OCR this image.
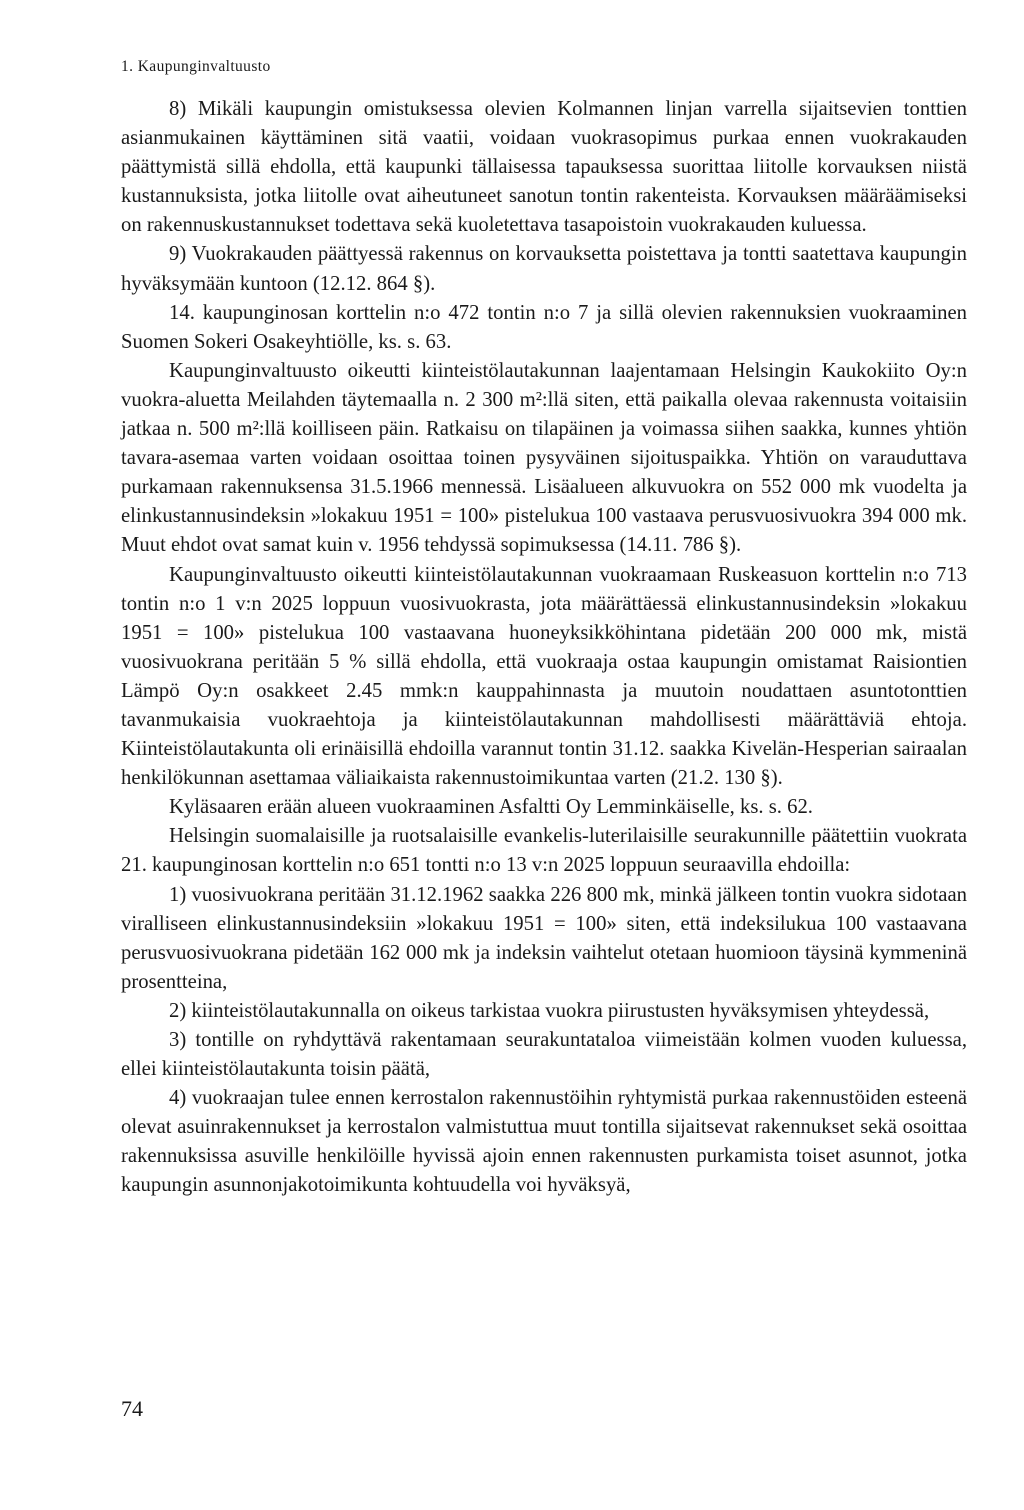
1. Kaupunginvaltuusto

8) Mikäli kaupungin omistuksessa olevien Kolmannen linjan varrella sijaitsevien tonttien asianmukainen käyttäminen sitä vaatii, voidaan vuokrasopimus purkaa ennen vuokrakauden päättymistä sillä ehdolla, että kaupunki tällaisessa tapauksessa suorittaa liitolle korvauksen niistä kustannuksista, jotka liitolle ovat aiheutuneet sanotun tontin rakenteista. Korvauksen määräämiseksi on rakennuskustannukset todettava sekä kuoletettava tasapoistoin vuokrakauden kuluessa.

9) Vuokrakauden päättyessä rakennus on korvauksetta poistettava ja tontti saatettava kaupungin hyväksymään kuntoon (12.12. 864 §).

14. kaupunginosan korttelin n:o 472 tontin n:o 7 ja sillä olevien rakennuksien vuokraaminen Suomen Sokeri Osakeyhtiölle, ks. s. 63.

Kaupunginvaltuusto oikeutti kiinteistölautakunnan laajentamaan Helsingin Kaukokiito Oy:n vuokra-aluetta Meilahden täytemaalla n. 2 300 m²:llä siten, että paikalla olevaa rakennusta voitaisiin jatkaa n. 500 m²:llä koilliseen päin. Ratkaisu on tilapäinen ja voimassa siihen saakka, kunnes yhtiön tavara-asemaa varten voidaan osoittaa toinen pysyväinen sijoituspaikka. Yhtiön on varauduttava purkamaan rakennuksensa 31.5.1966 mennessä. Lisäalueen alkuvuokra on 552 000 mk vuodelta ja elinkustannusindeksin »lokakuu 1951 = 100» pistelukua 100 vastaava perusvuosivuokra 394 000 mk. Muut ehdot ovat samat kuin v. 1956 tehdyssä sopimuksessa (14.11. 786 §).

Kaupunginvaltuusto oikeutti kiinteistölautakunnan vuokraamaan Ruskeasuon korttelin n:o 713 tontin n:o 1 v:n 2025 loppuun vuosivuokrasta, jota määrättäessä elinkustannusindeksin »lokakuu 1951 = 100» pistelukua 100 vastaavana huoneyksikköhintana pidetään 200 000 mk, mistä vuosivuokrana peritään 5 % sillä ehdolla, että vuokraaja ostaa kaupungin omistamat Raisiontien Lämpö Oy:n osakkeet 2.45 mmk:n kauppahinnasta ja muutoin noudattaen asuntotonttien tavanmukaisia vuokraehtoja ja kiinteistölautakunnan mahdollisesti määrättäviä ehtoja. Kiinteistölautakunta oli erinäisillä ehdoilla varannut tontin 31.12. saakka Kivelän-Hesperian sairaalan henkilökunnan asettamaa väliaikaista rakennustoimikuntaa varten (21.2. 130 §).

Kyläsaaren erään alueen vuokraaminen Asfaltti Oy Lemminkäiselle, ks. s. 62.

Helsingin suomalaisille ja ruotsalaisille evankelis-luterilaisille seurakunnille päätettiin vuokrata 21. kaupunginosan korttelin n:o 651 tontti n:o 13 v:n 2025 loppuun seuraavilla ehdoilla:

1) vuosivuokrana peritään 31.12.1962 saakka 226 800 mk, minkä jälkeen tontin vuokra sidotaan viralliseen elinkustannusindeksiin »lokakuu 1951 = 100» siten, että indeksilukua 100 vastaavana perusvuosivuokrana pidetään 162 000 mk ja indeksin vaihtelut otetaan huomioon täysinä kymmeninä prosentteina,

2) kiinteistölautakunnalla on oikeus tarkistaa vuokra piirustusten hyväksymisen yhteydessä,

3) tontille on ryhdyttävä rakentamaan seurakuntataloa viimeistään kolmen vuoden kuluessa, ellei kiinteistölautakunta toisin päätä,

4) vuokraajan tulee ennen kerrostalon rakennustöihin ryhtymistä purkaa rakennustöiden esteenä olevat asuinrakennukset ja kerrostalon valmistuttua muut tontilla sijaitsevat rakennukset sekä osoittaa rakennuksissa asuville henkilöille hyvissä ajoin ennen rakennusten purkamista toiset asunnot, jotka kaupungin asunnonjakotoimikunta kohtuudella voi hyväksyä,

74
